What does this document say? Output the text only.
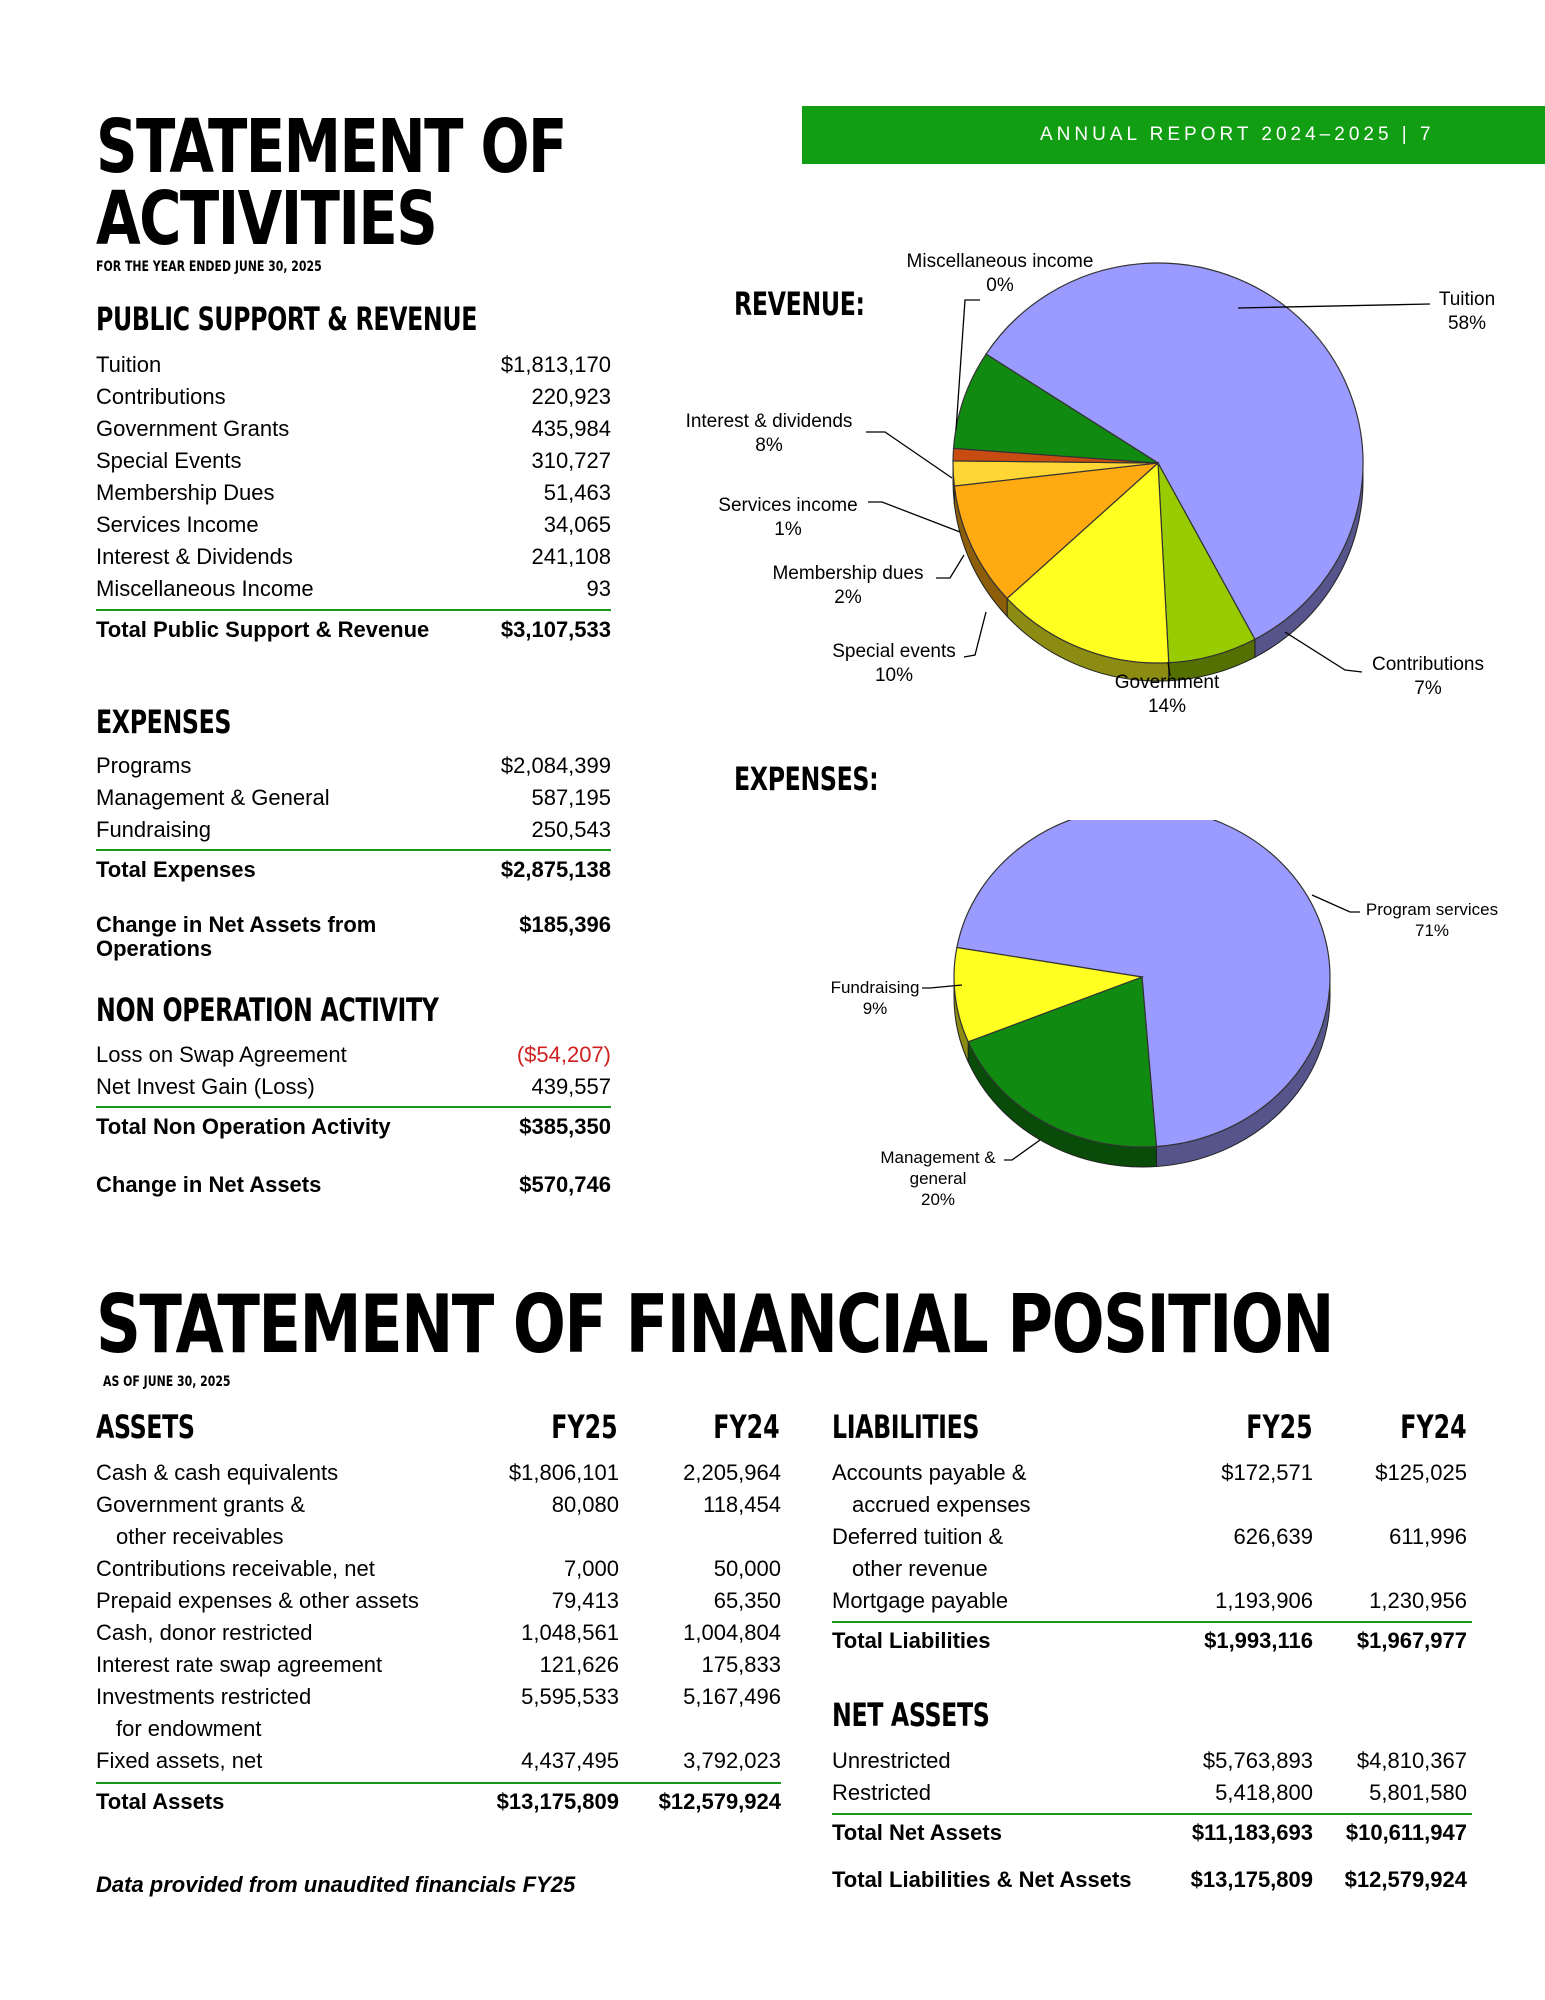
ANNUAL REPORT 2024–2025 | 7
STATEMENT OF
ACTIVITIES
FOR THE YEAR ENDED JUNE 30, 2025
PUBLIC SUPPORT & REVENUE
Tuition	$1,813,170
Contributions	220,923
Government Grants	435,984
Special Events	310,727
Membership Dues	51,463
Services Income	34,065
Interest & Dividends	241,108
Miscellaneous Income	93
Total Public Support & Revenue	$3,107,533
EXPENSES
Programs	$2,084,399
Management & General	587,195
Fundraising	250,543
Total Expenses	$2,875,138
Change in Net Assets from
Operations
$185,396
NON OPERATION ACTIVITY
Loss on Swap Agreement	($54,207)
Net Invest Gain (Loss)	439,557
Total Non Operation Activity	$385,350
Change in Net Assets	$570,746
REVENUE:
EXPENSES:
Miscellaneous income
0%
Tuition
58%
Interest & dividends
8%
Services income
1%
Membership dues
2%
Special events
10%	Government
14%
Contributions
7%
Program services
71%
Fundraising
9%
Management &
general
20%
STATEMENT OF FINANCIAL POSITION
AS OF JUNE 30, 2025
ASSETS	FY25	FY24
Cash & cash equivalents	$1,806,101	2,205,964
Government grants &
other receivables
80,080	118,454
Contributions receivable, net	7,000	50,000
Prepaid expenses & other assets	79,413	65,350
Cash, donor restricted	1,048,561	1,004,804
Interest rate swap agreement	121,626	175,833
Investments restricted
for endowment
5,595,533	5,167,496
Fixed assets, net	4,437,495	3,792,023
Total Assets	$13,175,809 $12,579,924
Data provided from unaudited financials FY25
LIABILITIES	FY25	FY24
Accounts payable &
accrued expenses
$172,571	$125,025
Deferred tuition &
other revenue
626,639	611,996
Mortgage payable	1,193,906	1,230,956
Total Liabilities	$1,993,116 $1,967,977
NET ASSETS
Unrestricted	$5,763,893 $4,810,367
Restricted	5,418,800	5,801,580
Total Net Assets	$11,183,693 $10,611,947
Total Liabilities & Net Assets	$13,175,809 $12,579,924
